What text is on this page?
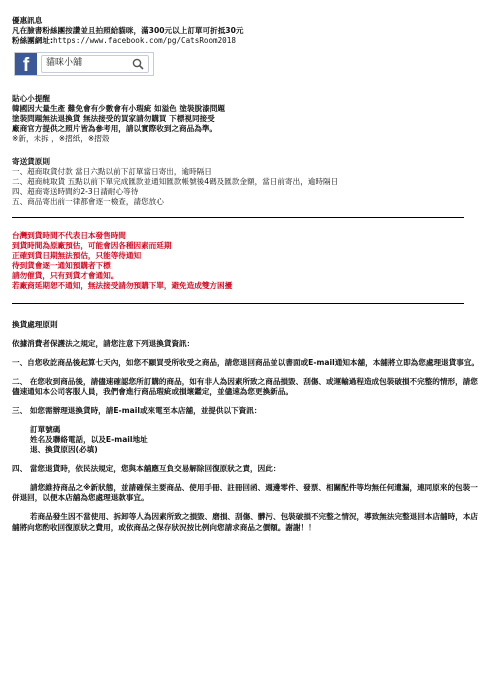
優惠訊息
凡在臉書粉絲團按讚並且拍照給貓咪，滿300元以上訂單可折抵30元
粉絲團網址:https://www.facebook.com/pg/CatsRoom2018
f	貓咪小舖
貼心小提醒
韓國因大量生產 難免會有少數會有小瑕疵 如溢色 塗裝脫漆問題
塗裝問題無法退換貨 無法接受的買家請勿購買 下標視同接受
廠商官方提供之照片皆為參考用，請以實際收到之商品為準。
※新，未拆 ，※摺紙，※摺殼
寄送貨原則
一、超商取貨付款 當日六點以前下訂單當日寄出，逾時隔日
二、超商純取貨 五點以前下單完成匯款並通知匯款帳號後4碼及匯款金額，當日前寄出，逾時隔日
四、超商寄送時間約2-3日請耐心等待
五、商品寄出前一律都會逐一檢查，請您放心
台灣到貨時間不代表日本發售時間
到貨時間為原廠預估，可能會因各種因素而延期
正確到貨日期無法預估，只能等待通知
待到貨會逐一通知預購者下標
請勿催貨，只有到貨才會通知。
若廠商延期恕不通知，無法接受請勿預購下單，避免造成雙方困擾
換貨處理原則
依據消費者保護法之規定，請您注意下列退換貨資訊：
一、自您收訖商品後起算七天內，如您不願買受所收受之商品，請您退回商品並以書面或E-mail通知本舖，本舖將立即為您處理退貨事宜。
二、 在您收到商品後，請儘速確認您所訂購的商品，如有非人為因素所致之商品損毀、刮傷、或運輸過程造成包裝破損不完整的情形，請您儘速通知本公司客服人員，我們會進行商品瑕疵或損壞鑑定，並儘速為您更換新品。
三、 如您需辦理退換貨時，請E-mail或來電至本店舖，並提供以下資訊：
訂單號碼
姓名及聯絡電話，以及E-mail地址
退、換貨原因(必填)
四、 當您退貨時，依民法規定，您與本舖應互負交易解除回復原狀之責，因此：
請您維持商品之※新狀態，並請確保主要商品、使用手冊、註冊回函、週邊零件、發票、相關配件等均無任何遺漏，連同原來的包裝一併退回，以便本店舖為您處理退款事宜。
若商品發生因不當使用、拆卸等人為因素所致之損毀、磨損、刮傷、髒污、包裝破損不完整之情況，導致無法完整退回本店舖時，本店舖將向您酌收回復原狀之費用，或依商品之保存狀況按比例向您請求商品之價額。謝謝！！
